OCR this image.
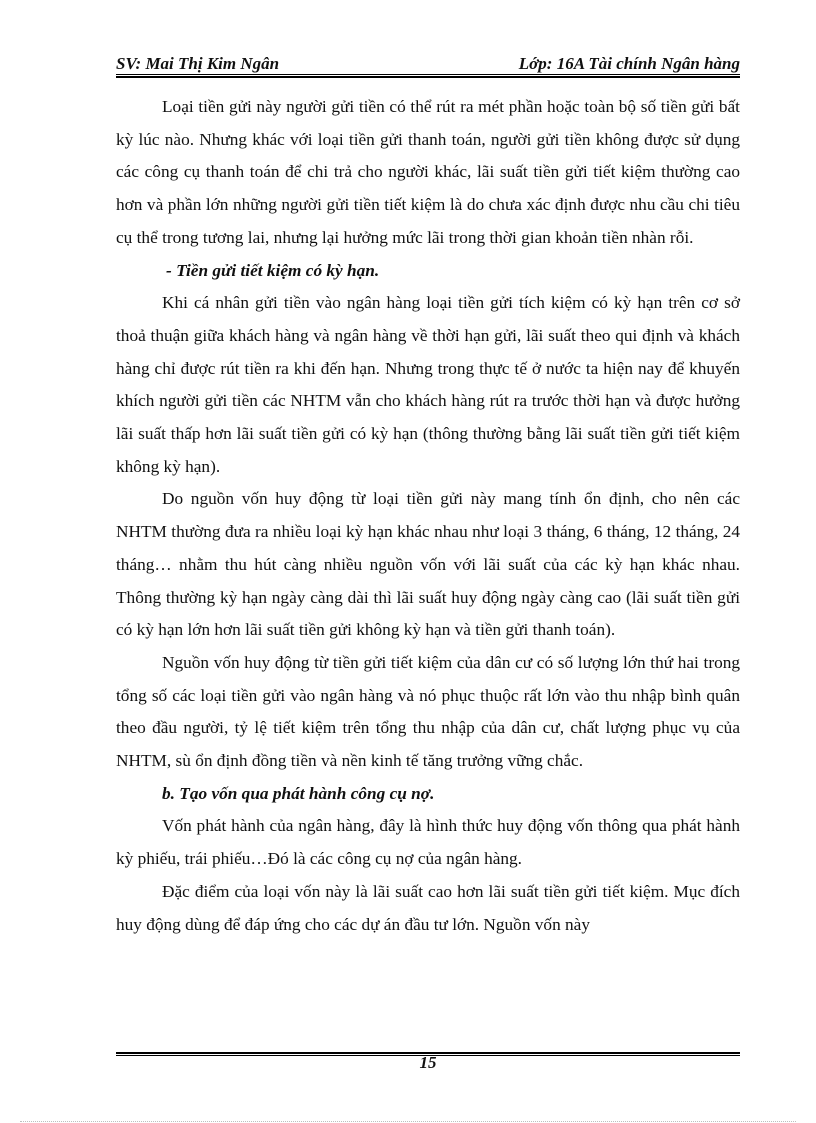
SV: Mai Thị Kim Ngân	Lớp: 16A Tài chính Ngân hàng

Loại tiền gửi này người gửi tiền có thể rút ra mét phần hoặc toàn bộ số tiền gửi bất kỳ lúc nào. Nhưng khác với loại tiền gửi thanh toán, người gửi tiền không được sử dụng các công cụ thanh toán để chi trả cho người khác, lãi suất tiền gửi tiết kiệm thường cao hơn và phần lớn những người gửi tiền tiết kiệm là do chưa xác định được nhu cầu chi tiêu cụ thể trong tương lai, nhưng lại hưởng mức lãi trong thời gian khoản tiền nhàn rỗi.

- Tiền gửi tiết kiệm có kỳ hạn.

Khi cá nhân gửi tiền vào ngân hàng loại tiền gửi tích kiệm có kỳ hạn trên cơ sở thoả thuận giữa khách hàng và ngân hàng về thời hạn gửi, lãi suất theo qui định và khách hàng chỉ được rút tiền ra khi đến hạn. Nhưng trong thực tế ở nước ta hiện nay để khuyến khích người gửi tiền các NHTM vẫn cho khách hàng rút ra trước thời hạn và được hưởng lãi suất thấp hơn lãi suất tiền gửi có kỳ hạn (thông thường bằng lãi suất tiền gửi tiết kiệm không kỳ hạn).

Do nguồn vốn huy động từ loại tiền gửi này mang tính ổn định, cho nên các NHTM thường đưa ra nhiều loại kỳ hạn khác nhau như loại 3 tháng, 6 tháng, 12 tháng, 24 tháng… nhằm thu hút càng nhiều nguồn vốn với lãi suất của các kỳ hạn khác nhau. Thông thường kỳ hạn ngày càng dài thì lãi suất huy động ngày càng cao (lãi suất tiền gửi có kỳ hạn lớn hơn lãi suất tiền gửi không kỳ hạn và tiền gửi thanh toán).

Nguồn vốn huy động từ tiền gửi tiết kiệm của dân cư có số lượng lớn thứ hai trong tổng số các loại tiền gửi vào ngân hàng và nó phục thuộc rất lớn vào thu nhập bình quân theo đầu người, tỷ lệ tiết kiệm trên tổng thu nhập của dân cư, chất lượng phục vụ của NHTM, sù ổn định đồng tiền và nền kinh tế tăng trưởng vững chắc.

b. Tạo vốn qua phát hành công cụ nợ.

Vốn phát hành của ngân hàng, đây là hình thức huy động vốn thông qua phát hành kỳ phiếu, trái phiếu…Đó là các công cụ nợ của ngân hàng.

Đặc điểm của loại vốn này là lãi suất cao hơn lãi suất tiền gửi tiết kiệm. Mục đích huy động dùng để đáp ứng cho các dự án đầu tư lớn. Nguồn vốn này

15
